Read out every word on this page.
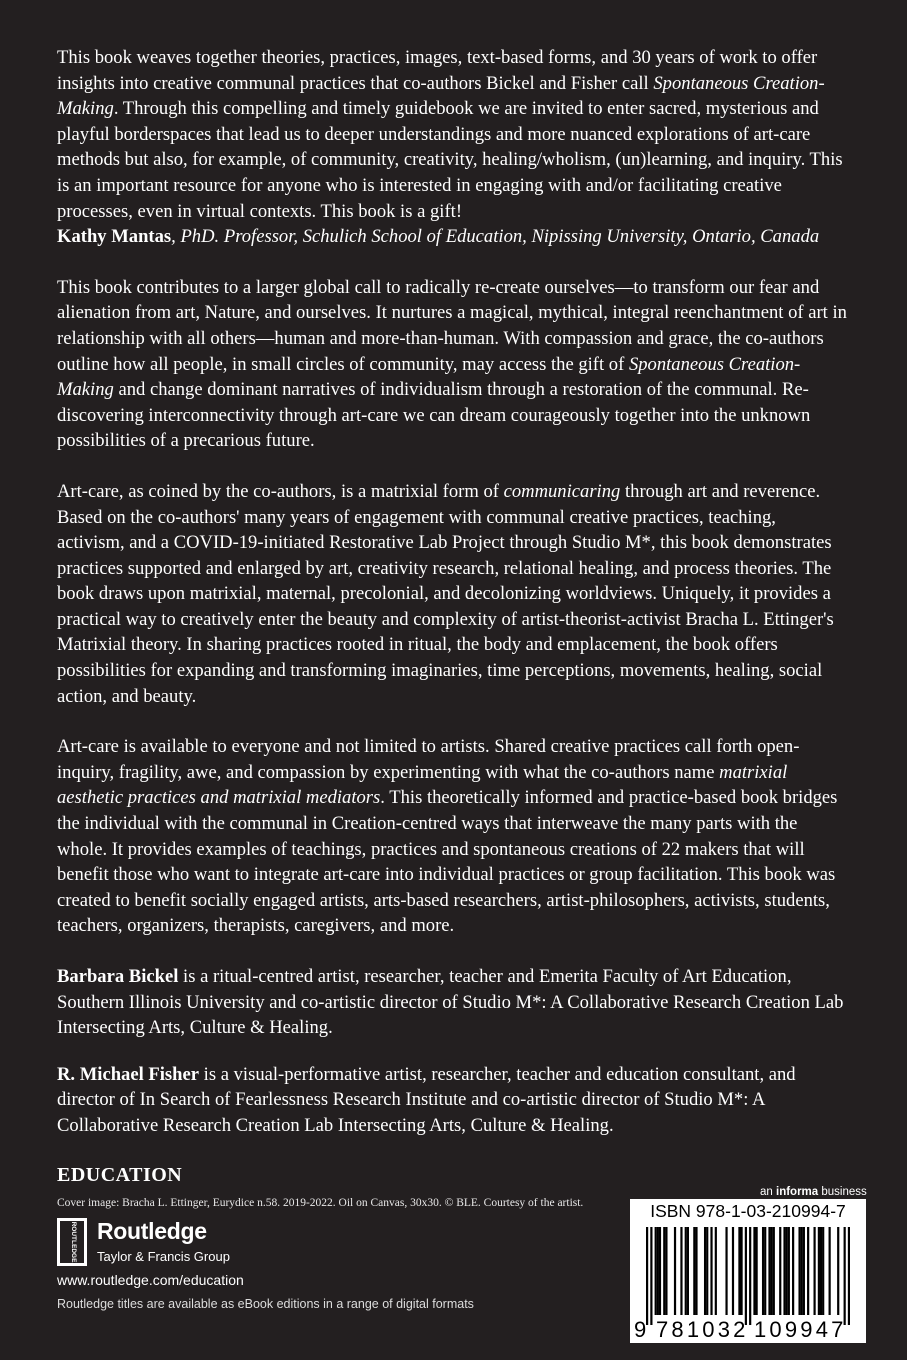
This book weaves together theories, practices, images, text-based forms, and 30 years of work to offer insights into creative communal practices that co-authors Bickel and Fisher call Spontaneous Creation-Making. Through this compelling and timely guidebook we are invited to enter sacred, mysterious and playful borderspaces that lead us to deeper understandings and more nuanced explorations of art-care methods but also, for example, of community, creativity, healing/wholism, (un)learning, and inquiry. This is an important resource for anyone who is interested in engaging with and/or facilitating creative processes, even in virtual contexts. This book is a gift!
Kathy Mantas, PhD. Professor, Schulich School of Education, Nipissing University, Ontario, Canada

This book contributes to a larger global call to radically re-create ourselves—to transform our fear and alienation from art, Nature, and ourselves. It nurtures a magical, mythical, integral reenchantment of art in relationship with all others—human and more-than-human. With compassion and grace, the co-authors outline how all people, in small circles of community, may access the gift of Spontaneous Creation-Making and change dominant narratives of individualism through a restoration of the communal. Re-discovering interconnectivity through art-care we can dream courageously together into the unknown possibilities of a precarious future.

Art-care, as coined by the co-authors, is a matrixial form of communicaring through art and reverence. Based on the co-authors' many years of engagement with communal creative practices, teaching, activism, and a COVID-19-initiated Restorative Lab Project through Studio M*, this book demonstrates practices supported and enlarged by art, creativity research, relational healing, and process theories. The book draws upon matrixial, maternal, precolonial, and decolonizing worldviews. Uniquely, it provides a practical way to creatively enter the beauty and complexity of artist-theorist-activist Bracha L. Ettinger's Matrixial theory. In sharing practices rooted in ritual, the body and emplacement, the book offers possibilities for expanding and transforming imaginaries, time perceptions, movements, healing, social action, and beauty.

Art-care is available to everyone and not limited to artists. Shared creative practices call forth open-inquiry, fragility, awe, and compassion by experimenting with what the co-authors name matrixial aesthetic practices and matrixial mediators. This theoretically informed and practice-based book bridges the individual with the communal in Creation-centred ways that interweave the many parts with the whole. It provides examples of teachings, practices and spontaneous creations of 22 makers that will benefit those who want to integrate art-care into individual practices or group facilitation. This book was created to benefit socially engaged artists, arts-based researchers, artist-philosophers, activists, students, teachers, organizers, therapists, caregivers, and more.

Barbara Bickel is a ritual-centred artist, researcher, teacher and Emerita Faculty of Art Education, Southern Illinois University and co-artistic director of Studio M*: A Collaborative Research Creation Lab Intersecting Arts, Culture & Healing.

R. Michael Fisher is a visual-performative artist, researcher, teacher and education consultant, and director of In Search of Fearlessness Research Institute and co-artistic director of Studio M*: A Collaborative Research Creation Lab Intersecting Arts, Culture & Healing.

EDUCATION
Cover image: Bracha L. Ettinger, Eurydice n.58. 2019-2022. Oil on Canvas, 30x30. © BLE. Courtesy of the artist.
ROUTLEDGE Routledge
Taylor & Francis Group
www.routledge.com/education
Routledge titles are available as eBook editions in a range of digital formats
an informa business
ISBN 978-1-03-210994-7
9 781032 109947
